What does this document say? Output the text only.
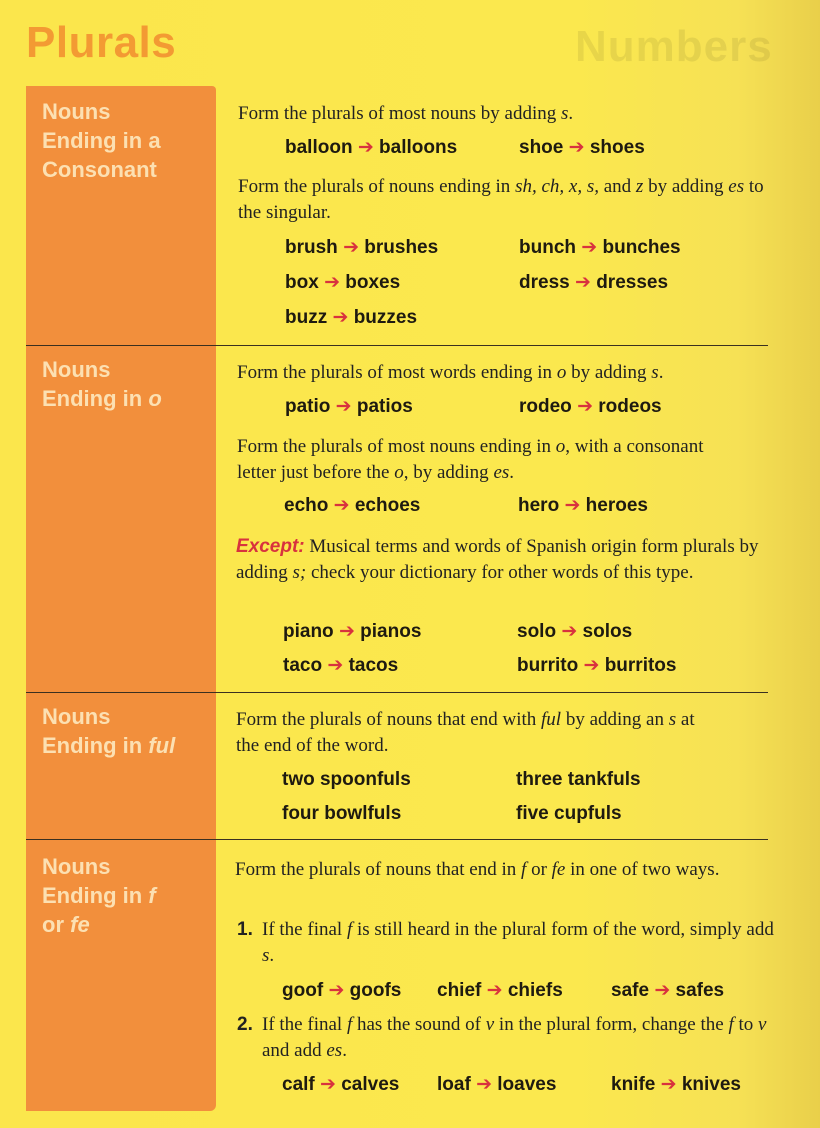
Numbers
Plurals
Nouns
Ending in a
Consonant
Nouns
Ending in o
Nouns
Ending in ful
Nouns
Ending in f
or fe

Form the plurals of most nouns by adding s.

balloon ➔ balloons	shoe ➔ shoes

Form the plurals of nouns ending in sh, ch, x, s, and z by adding es to the singular.

brush ➔ brushes	bunch ➔ bunches
box ➔ boxes	dress ➔ dresses
buzz ➔ buzzes

Form the plurals of most words ending in o by adding s.

patio ➔ patios	rodeo ➔ rodeos

Form the plurals of most nouns ending in o, with a consonant letter just before the o, by adding es.

echo ➔ echoes	hero ➔ heroes

Except: Musical terms and words of Spanish origin form plurals by adding s; check your dictionary for other words of this type.

piano ➔ pianos	solo ➔ solos
taco ➔ tacos	burrito ➔ burritos

Form the plurals of nouns that end with ful by adding an s at the end of the word.

two spoonfuls	three tankfuls
four bowlfuls	five cupfuls

Form the plurals of nouns that end in f or fe in one of two ways.

1. If the final f is still heard in the plural form of the word, simply add s.

goof ➔ goofs chief ➔ chiefs	safe ➔ safes
2. If the final f has the sound of v in the plural form, change the f to v and add es.

calf ➔ calves loaf ➔ loaves	knife ➔ knives
